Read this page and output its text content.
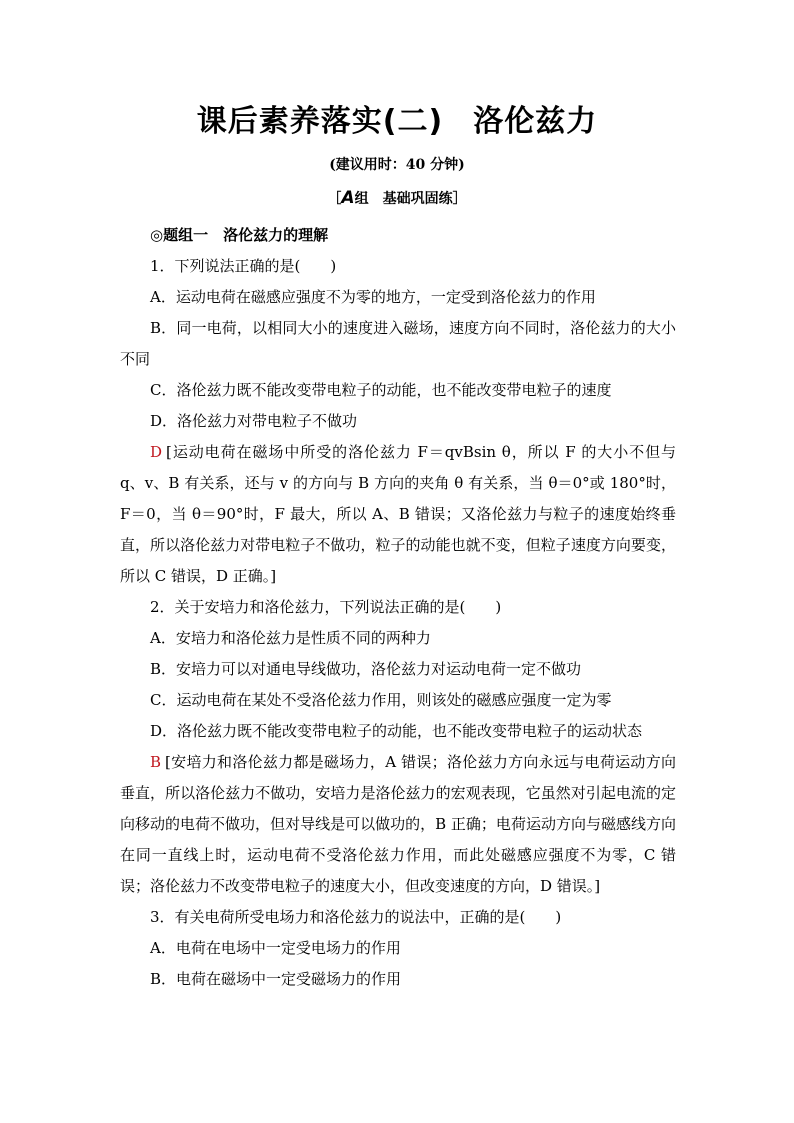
课后素养落实(二) 洛伦兹力
(建议用时：40 分钟)
［A组　基础巩固练］

◎题组一　洛伦兹力的理解

1．下列说法正确的是(　　)

A．运动电荷在磁感应强度不为零的地方，一定受到洛伦兹力的作用

B．同一电荷，以相同大小的速度进入磁场，速度方向不同时，洛伦兹力的大小不同

C．洛伦兹力既不能改变带电粒子的动能，也不能改变带电粒子的速度

D．洛伦兹力对带电粒子不做功

D [运动电荷在磁场中所受的洛伦兹力 F＝qvBsin θ，所以 F 的大小不但与 q、v、B 有关系，还与 v 的方向与 B 方向的夹角 θ 有关系，当 θ＝0°或 180°时，F＝0，当 θ＝90°时，F 最大，所以 A、B 错误；又洛伦兹力与粒子的速度始终垂直，所以洛伦兹力对带电粒子不做功，粒子的动能也就不变，但粒子速度方向要变，所以 C 错误，D 正确。]

2．关于安培力和洛伦兹力，下列说法正确的是(　　)

A．安培力和洛伦兹力是性质不同的两种力

B．安培力可以对通电导线做功，洛伦兹力对运动电荷一定不做功

C．运动电荷在某处不受洛伦兹力作用，则该处的磁感应强度一定为零

D．洛伦兹力既不能改变带电粒子的动能，也不能改变带电粒子的运动状态

B [安培力和洛伦兹力都是磁场力，A 错误；洛伦兹力方向永远与电荷运动方向垂直，所以洛伦兹力不做功，安培力是洛伦兹力的宏观表现，它虽然对引起电流的定向移动的电荷不做功，但对导线是可以做功的，B 正确；电荷运动方向与磁感线方向在同一直线上时，运动电荷不受洛伦兹力作用，而此处磁感应强度不为零，C 错误；洛伦兹力不改变带电粒子的速度大小，但改变速度的方向，D 错误。]

3．有关电荷所受电场力和洛伦兹力的说法中，正确的是(　　)

A．电荷在电场中一定受电场力的作用

B．电荷在磁场中一定受磁场力的作用
